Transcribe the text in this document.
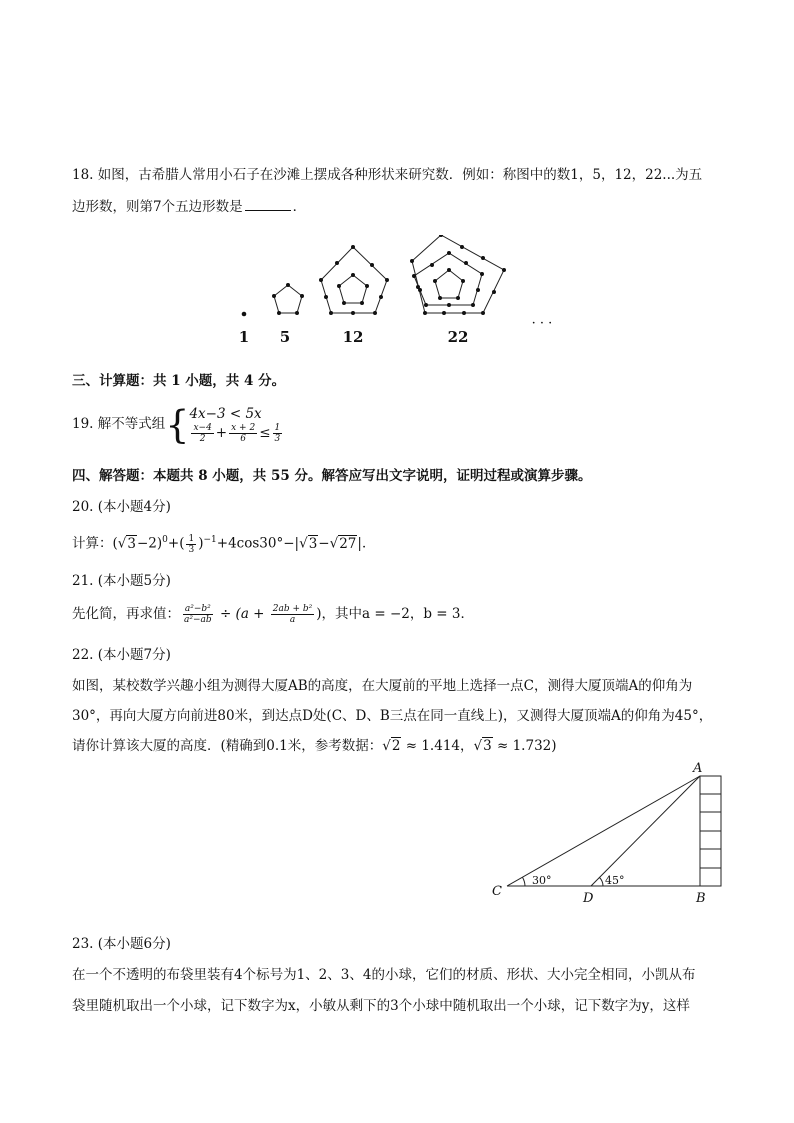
18. 如图，古希腊人常用小石子在沙滩上摆成各种形状来研究数．例如：称图中的数1，5，12，22...为五
边形数，则第7个五边形数是	．
1 5	12	22
· · ·
三、计算题：共 1 小题，共 4 分。
19. 解不等式组{ 4x−3 < 5x
$\frac{x-4}{2} + \frac{x + 2}{6} \le \frac{1}{3}$
四、解答题：本题共 8 小题，共 55 分。解答应写出文字说明，证明过程或演算步骤。
20. (本小题4分)
计算：$(√3-2)^0+( \frac{1}{3} )^{-1}+4\cos 30^\circ-|√3-√27|$．
21. (本小题5分)
先化简，再求值： $\frac{\text{a²−b²}}{\text{a²−ab}} \div (a + \frac{\text{2ab + b²}}{a}$ )，其中a = −2，b = 3．
22. (本小题7分)
如图，某校数学兴趣小组为测得大厦AB的高度，在大厦前的平地上选择一点C，测得大厦顶端A的仰角为
30°，再向大厦方向前进80米，到达点D处(C、D、B三点在同一直线上)，又测得大厦顶端A的仰角为45°，
请你计算该大厦的高度．(精确到0.1米，参考数据：√2 ≈ 1.414，√3 ≈ 1.732)
A
B
C	D
30°	45°
23. (本小题6分)
在一个不透明的布袋里装有4个标号为1、2、3、4的小球，它们的材质、形状、大小完全相同，小凯从布
袋里随机取出一个小球，记下数字为x，小敏从剩下的3个小球中随机取出一个小球，记下数字为y，这样
